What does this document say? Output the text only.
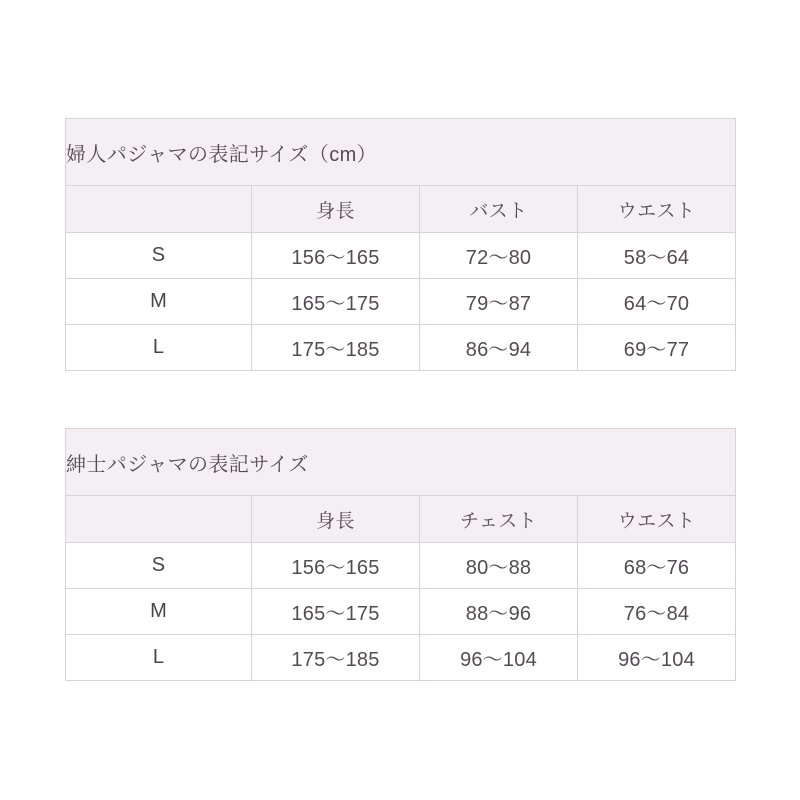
婦人パジャマの表記サイズ（cm）			
	身長	バスト	ウエスト
S	156〜165	72〜80	58〜64
M	165〜175	79〜87	64〜70
L	175〜185	86〜94	69〜77
紳士パジャマの表記サイズ			
	身長	チェスト	ウエスト
S	156〜165	80〜88	68〜76
M	165〜175	88〜96	76〜84
L	175〜185	96〜104	96〜104
